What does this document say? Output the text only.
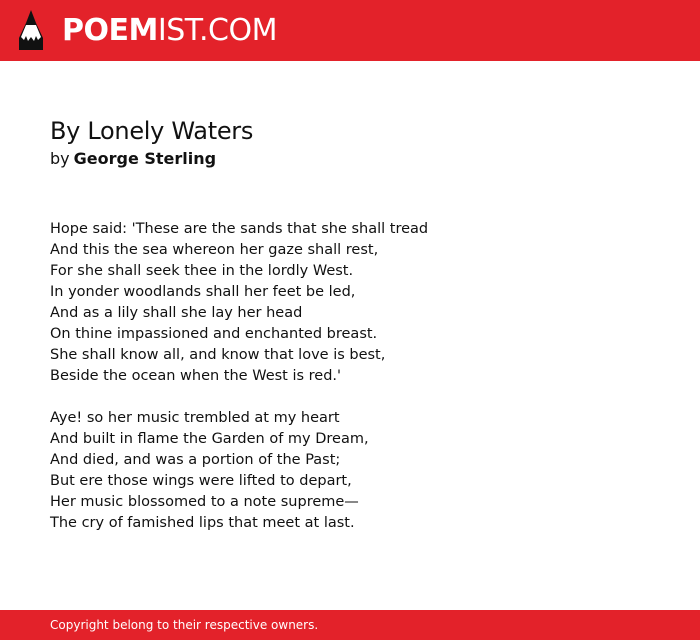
POEMIST.COM
By Lonely Waters
by George Sterling
Hope said: 'These are the sands that she shall tread
And this the sea whereon her gaze shall rest,
For she shall seek thee in the lordly West.
In yonder woodlands shall her feet be led,
And as a lily shall she lay her head
On thine impassioned and enchanted breast.
She shall know all, and know that love is best,
Beside the ocean when the West is red.'
Aye! so her music trembled at my heart
And built in flame the Garden of my Dream,
And died, and was a portion of the Past;
But ere those wings were lifted to depart,
Her music blossomed to a note supreme—
The cry of famished lips that meet at last.
Copyright belong to their respective owners.
